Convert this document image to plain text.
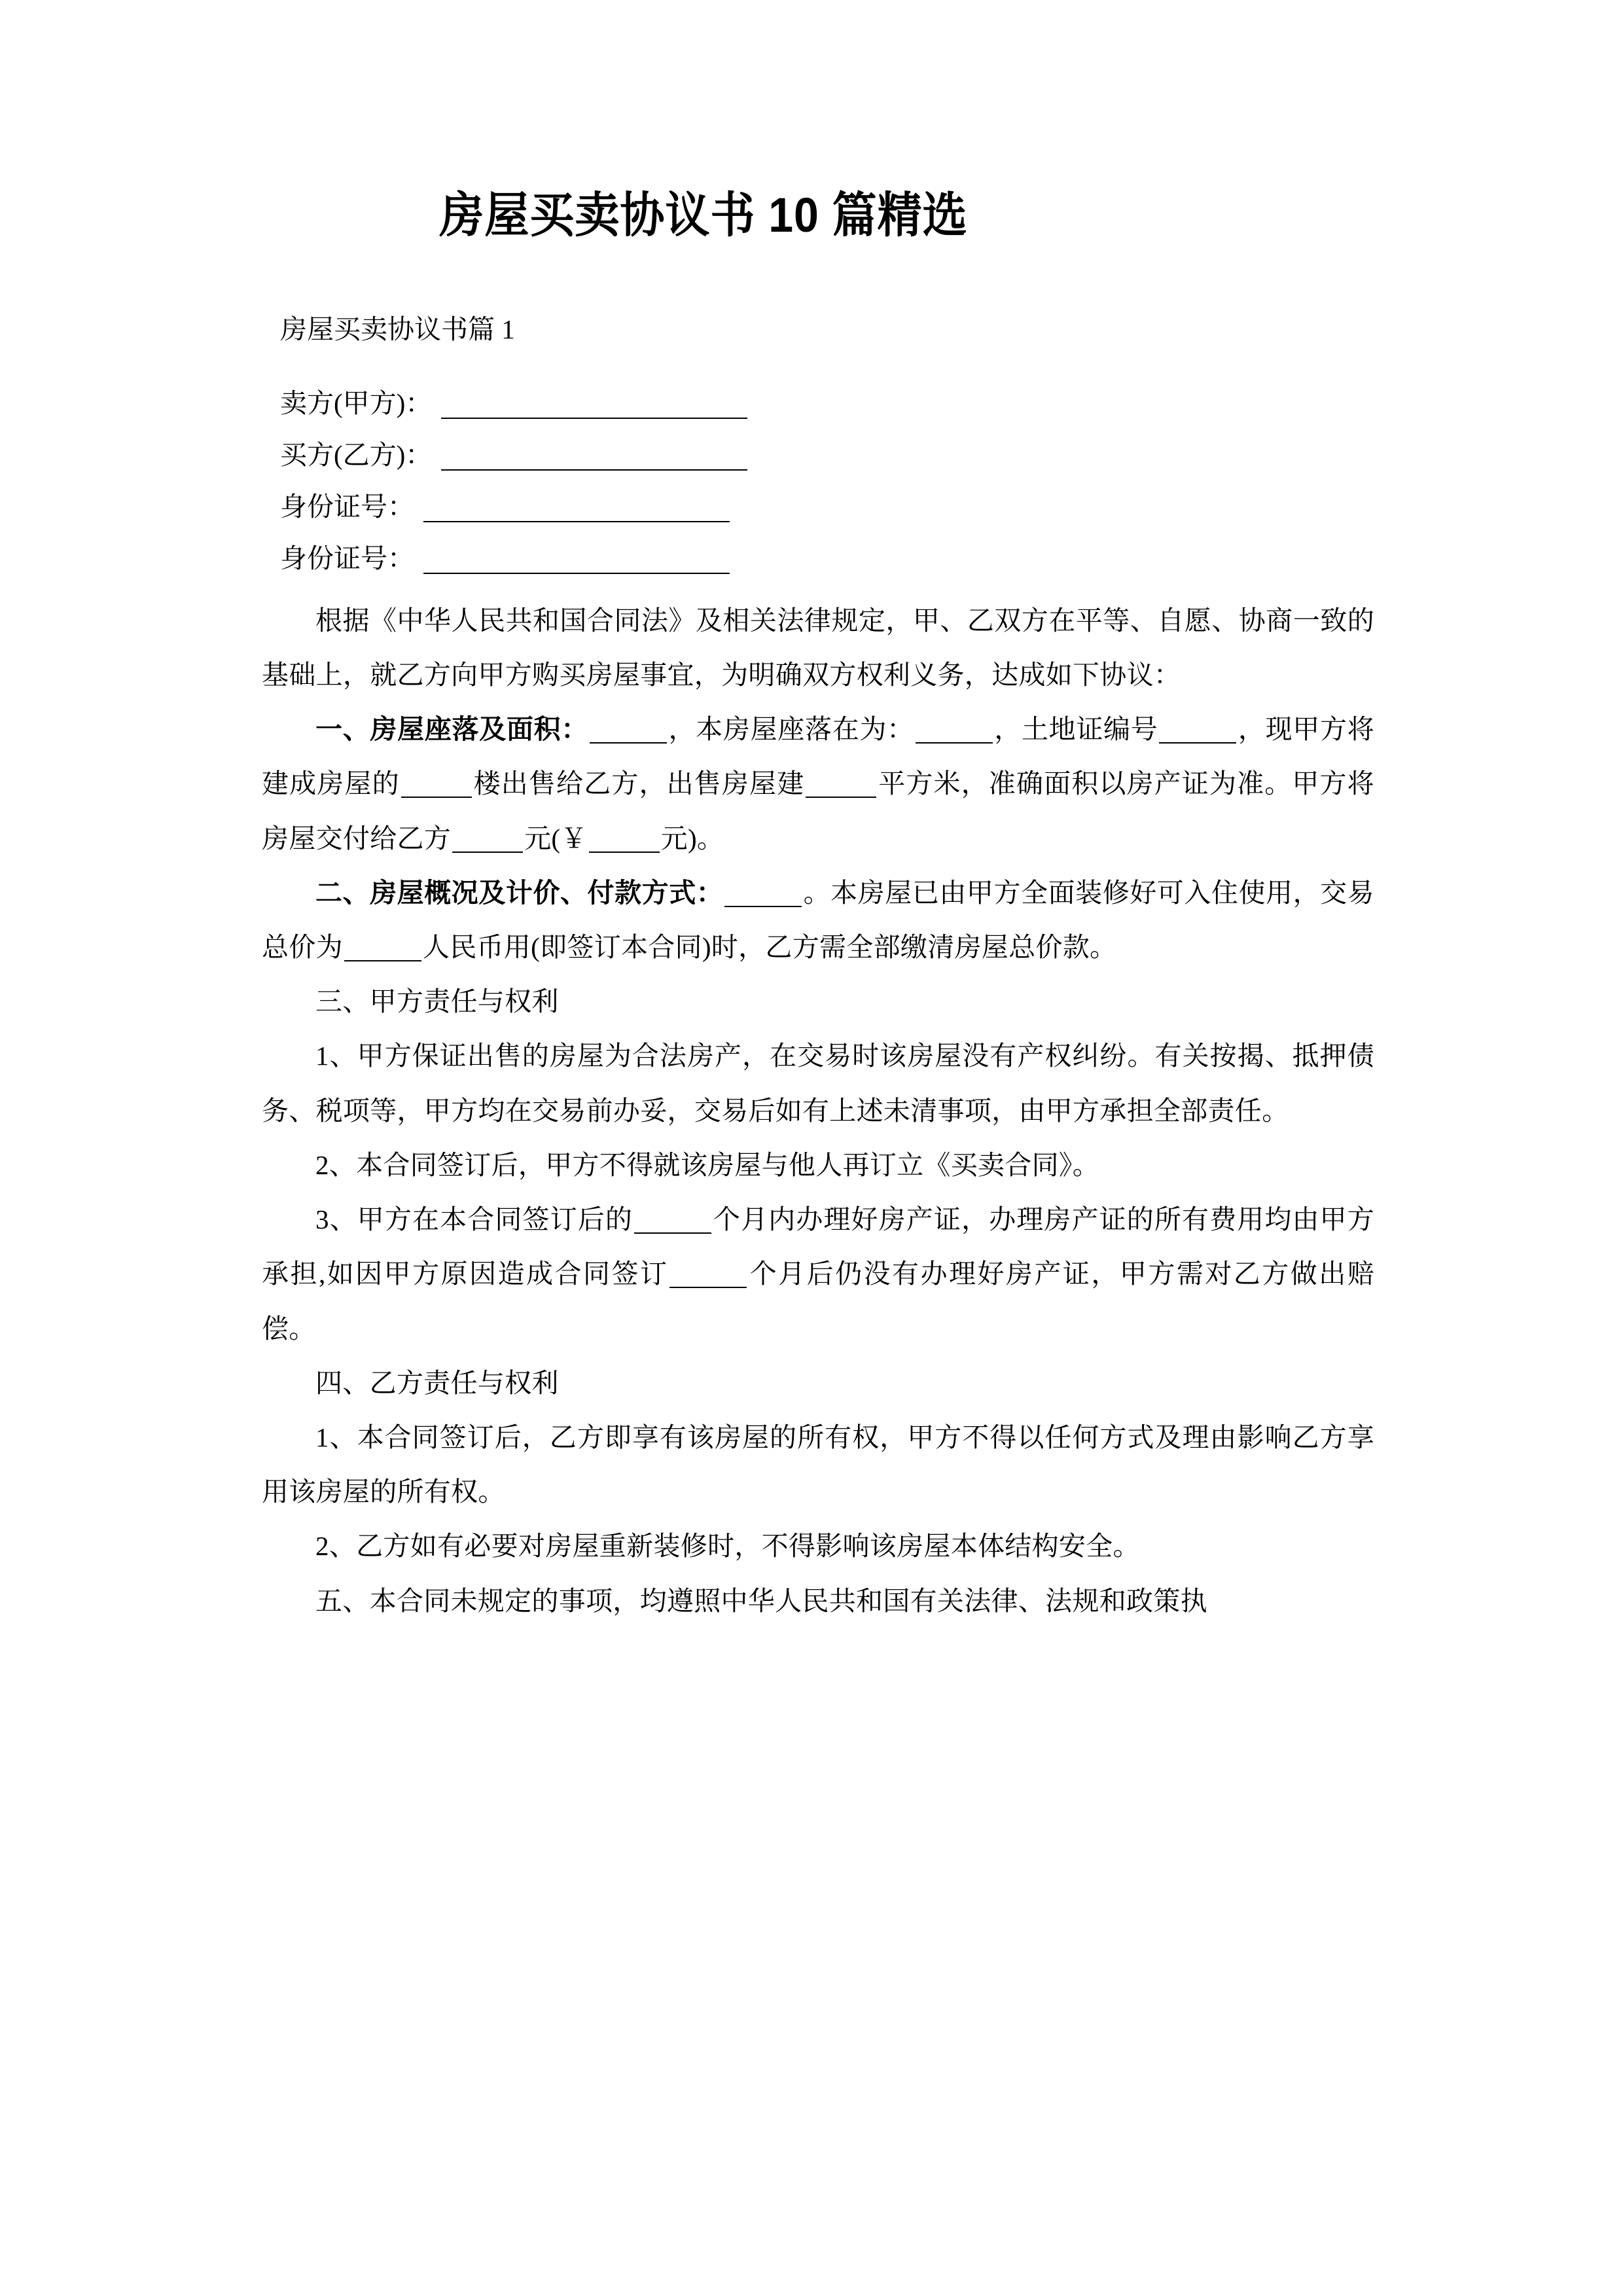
房屋买卖协议书 10 篇精选

房屋买卖协议书篇 1

卖方(甲方)：

买方(乙方)：

身份证号：

身份证号：

根据《中华人民共和国合同法》及相关法律规定，甲、乙双方在平等、自愿、协商一致的基础上，就乙方向甲方购买房屋事宜，为明确双方权利义务，达成如下协议：

一、房屋座落及面积：	，本房屋座落在为：	，土地证编号	，现甲方将建成房屋的	楼出售给乙方，出售房屋建	平方米，准确面积以房产证为准。甲方将房屋交付给乙方	元(￥	元)。

二、房屋概况及计价、付款方式：	。本房屋已由甲方全面装修好可入住使用，交易总价为	人民币用(即签订本合同)时，乙方需全部缴清房屋总价款。

三、甲方责任与权利

1、甲方保证出售的房屋为合法房产，在交易时该房屋没有产权纠纷。有关按揭、抵押债务、税项等，甲方均在交易前办妥，交易后如有上述未清事项，由甲方承担全部责任。

2、本合同签订后，甲方不得就该房屋与他人再订立《买卖合同》。

3、甲方在本合同签订后的	个月内办理好房产证，办理房产证的所有费用均由甲方承担,如因甲方原因造成合同签订	个月后仍没有办理好房产证，甲方需对乙方做出赔偿。

四、乙方责任与权利

1、本合同签订后，乙方即享有该房屋的所有权，甲方不得以任何方式及理由影响乙方享用该房屋的所有权。

2、乙方如有必要对房屋重新装修时，不得影响该房屋本体结构安全。

五、本合同未规定的事项，均遵照中华人民共和国有关法律、法规和政策执
